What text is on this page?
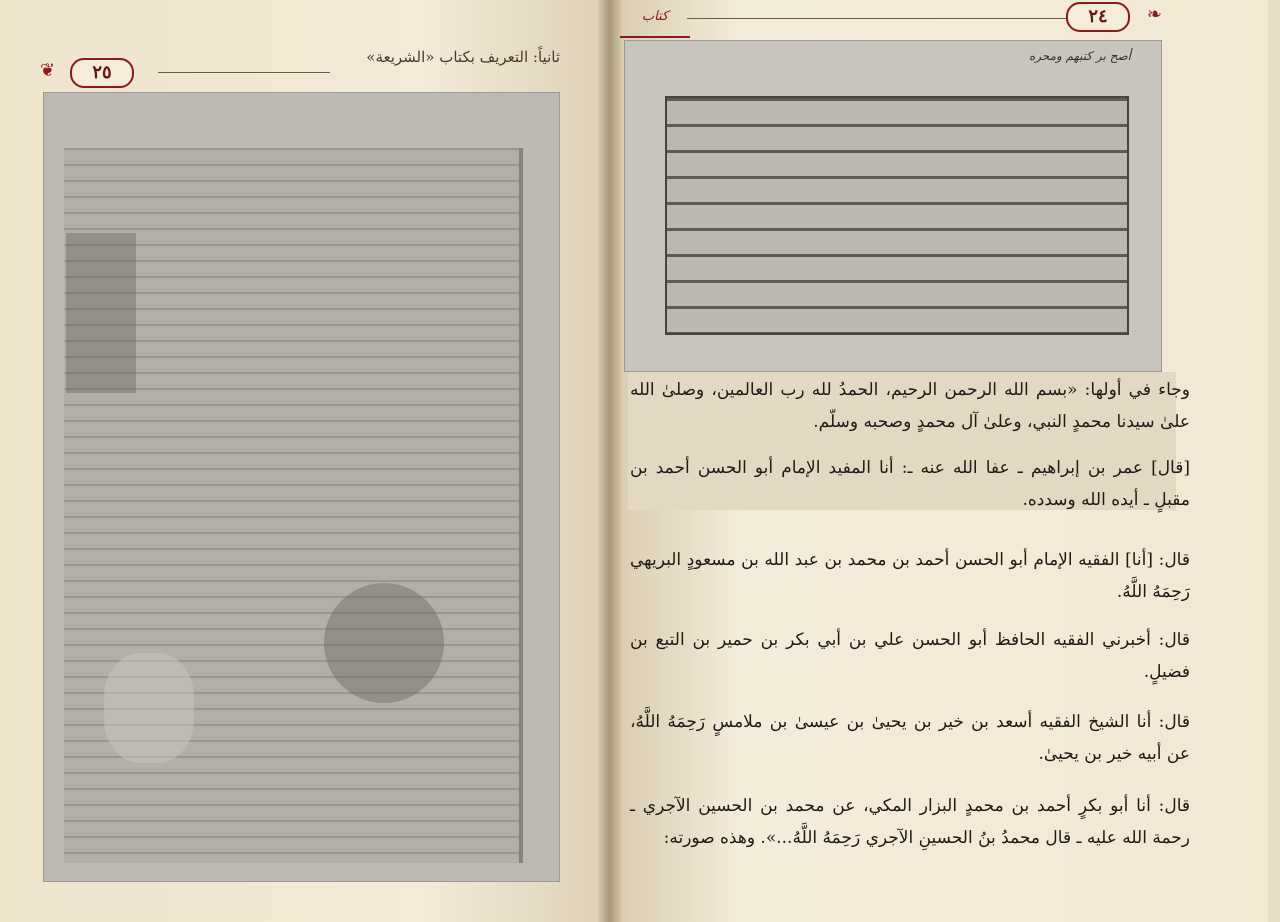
❦	٢٥
ثانياً: التعريف بكتاب «الشريعة»
كتاب	٢٤	❧
أصح بر كتبهم ومحره
وجاء في أولها: «بسم الله الرحمن الرحيم، الحمدُ لله رب العالمين، وصلىٰ الله علىٰ سيدنا محمدٍ النبي، وعلىٰ آل محمدٍ وصحبه وسلّم.
[قال] عمر بن إبراهيم ـ عفا الله عنه ـ: أنا المفيد الإمام أبو الحسن أحمد بن مقبلٍ ـ أيده الله وسدده.
قال: [أنا] الفقيه الإمام أبو الحسن أحمد بن محمد بن عبد الله بن مسعودٍ البريهي رَحِمَهُ اللَّهُ.
قال: أخبرني الفقيه الحافظ أبو الحسن علي بن أبي بكر بن حمير بن التبع بن فضيلٍ.
قال: أنا الشيخ الفقيه أسعد بن خير بن يحيىٰ بن عيسىٰ بن ملامسٍ رَحِمَهُ اللَّهُ، عن أبيه خير بن يحيىٰ.
قال: أنا أبو بكرٍ أحمد بن محمدٍ البزار المكي، عن محمد بن الحسين الآجري ـ رحمة الله عليه ـ قال محمدُ بنُ الحسينِ الآجري رَحِمَهُ اللَّهُ...». وهذه صورته:
